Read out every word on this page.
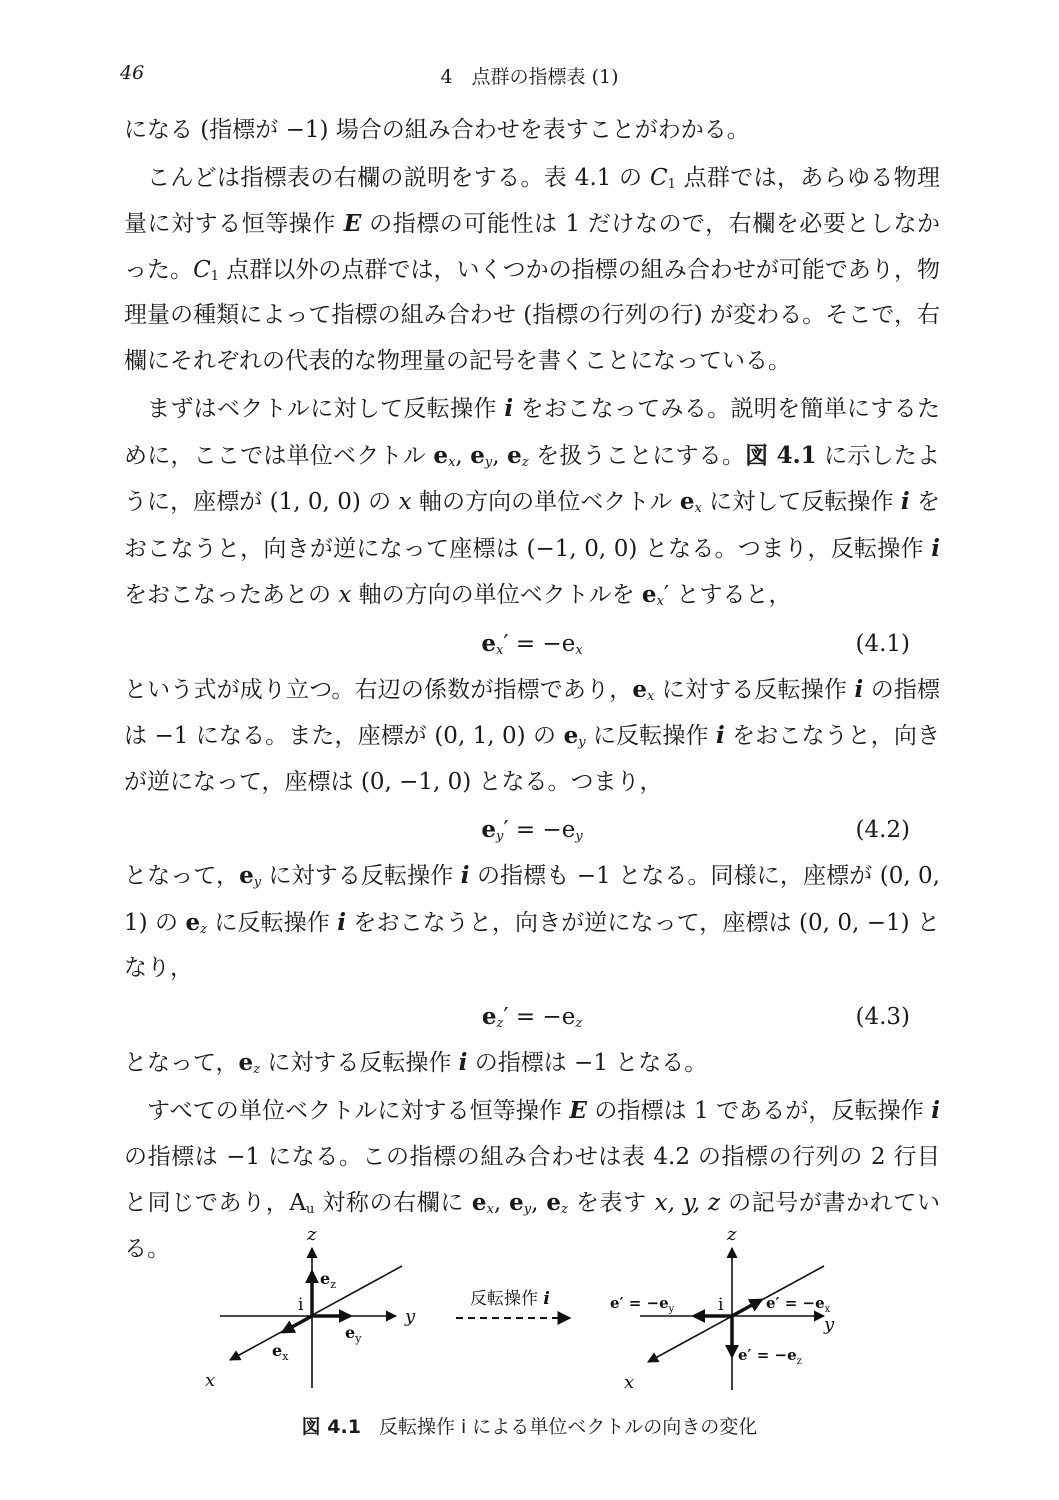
46	4　点群の指標表 (1)

になる (指標が −1) 場合の組み合わせを表すことがわかる。

こんどは指標表の右欄の説明をする。表 4.1 の $C_1$ 点群では，あらゆる物理量に対する恒等操作 E の指標の可能性は 1 だけなので，右欄を必要としなかった。$C_1$ 点群以外の点群では，いくつかの指標の組み合わせが可能であり，物理量の種類によって指標の組み合わせ (指標の行列の行) が変わる。そこで，右欄にそれぞれの代表的な物理量の記号を書くことになっている。

まずはベクトルに対して反転操作 i をおこなってみる。説明を簡単にするために，ここでは単位ベクトル $e_x$, $e_y$, $e_z$ を扱うことにする。図 4.1 に示したように，座標が (1, 0, 0) の x 軸の方向の単位ベクトル $e_x$ に対して反転操作 i をおこなうと，向きが逆になって座標は (−1, 0, 0) となる。つまり，反転操作 i をおこなったあとの x 軸の方向の単位ベクトルを $e_x'$ とすると，

$e_x' = -e_x$	(4.1)

という式が成り立つ。右辺の係数が指標であり，$e_x$ に対する反転操作 i の指標は −1 になる。また，座標が (0, 1, 0) の $e_y$ に反転操作 i をおこなうと，向きが逆になって，座標は (0, −1, 0) となる。つまり，

$e_y' = -e_y$	(4.2)

となって，$e_y$ に対する反転操作 i の指標も −1 となる。同様に，座標が (0, 0, 1) の $e_z$ に反転操作 i をおこなうと，向きが逆になって，座標は (0, 0, −1) となり，

$e_z' = -e_z$	(4.3)

となって，$e_z$ に対する反転操作 i の指標は −1 となる。

すべての単位ベクトルに対する恒等操作 E の指標は 1 であるが，反転操作 i の指標は −1 になる。この指標の組み合わせは表 4.2 の指標の行列の 2 行目と同じであり，$A_u$ 対称の右欄に $e_x$, $e_y$, $e_z$ を表す x, y, z の記号が書かれている。

z
y
x
i
$e_z$
$e_y$
$e_x$
反転操作 i
z
y
x
i
$e' = -e_y$	$e' = -e_x$
$e' = -e_z$
図 4.1 反転操作 i による単位ベクトルの向きの変化
